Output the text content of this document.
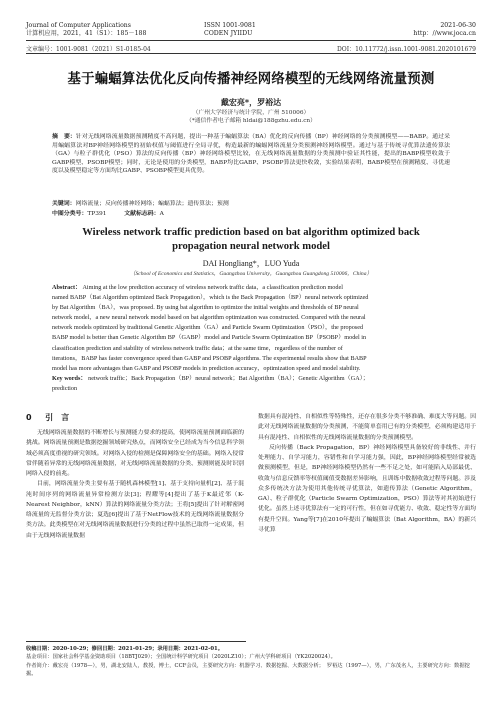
Journal of Computer Applications
计算机应用，2021，41（S1）：185－188
ISSN 1001-9081
CODEN JYIIDU
2021-06-30
http：//www.joca.cn
文章编号：1001-9081（2021）S1-0185-04	DOI：10.11772/j.issn.1001-9081.2020101679
基于蝙蝠算法优化反向传播神经网络模型的无线网络流量预测
戴宏亮*，罗裕达
（广州大学经济与统计学院，广州 510006）
（*通信作者电子邮箱 hldai@188gzhu.edu.cn）
摘　要：针对无线网络流量数据预测精度不高问题，提出一种基于蝙蝠算法（BA）优化的反向传播（BP）神经网络的分类预测模型——BABP。通过采用蝙蝠算法对BP神经网络模型的初始权值与阈值进行全局寻优，构造最新的蝙蝠网络流量分类预测神经网络模型。通过与基于传统寻优算法遗传算法（GA）与粒子群优化（PSO）算法的反向传播（BP）神经网络模型比较，在无线网络流量数据的分类预测中验证其性能，提出的BABP模型收敛于GABP模型、PSOBP模型；同时，无论是使用的分类模型，BABP均比GABP、PSOBP算法更快收敛，实验结果表明，BABP模型在预测精度、寻优速度以及模型稳定等方面均比GABP、PSOBP模型更具优势。
关键词：网络流量；反向传播神经网络；蝙蝠算法；遗传算法；预测
中图分类号：TP391	文献标志码：A
Wireless network traffic prediction based on bat algorithm optimized back
propagation neural network model
DAI Hongliang*，LUO Yuda
（School of Economics and Statistics，Guangzhou University，Guangzhou Guangdong 510006，China）
Abstract： Aiming at the low prediction accuracy of wireless network traffic data，a classification prediction model
named BABP（Bat Algorithm optimized Back Propagation），which is the Back Propagation（BP）neural network optimized
by Bat Algorithm（BA），was proposed. By using bat algorithm to optimize the initial weights and thresholds of BP neural
network model，a new neural network model based on bat algorithm optimization was constructed. Compared with the neural
network models optimized by traditional Genetic Algorithm（GA）and Particle Swarm Optimization（PSO），the proposed
BABP model is better than Genetic Algorithm BP（GABP）model and Particle Swarm Optimization BP（PSOBP）model in
classification prediction and stability of wireless network traffic data；at the same time，regardless of the number of
iterations，BABP has faster convergence speed than GABP and PSOBP algorithms. The experimental results show that BABP
model has more advantages than GABP and PSOBP models in prediction accuracy，optimization speed and model stability.
Key words： network traffic；Back Propagation（BP）neural network；Bat Algorithm（BA）；Genetic Algorithm（GA）；
prediction
0 引　言
无线网络流量数据的不断增长与预测能力要求的提高，使网络流量预测面临新的挑战。网络流量预测是数据挖掘领域研究热点，而网络安全已经成为当今信息科学领域必须高度重视的研究领域。对网络入侵的检测是保障网络安全的基础。网络入侵常常伴随着异常的无线网络流量数据，对无线网络流量数据的分类、预测则能及时识别网络入侵的前兆。
目前，网络流量分类主要有基于随机森林模型[1]、基于支持向量机[2]、基于混沌时间序列的网络流量异常检测方法[3]；程耀等[4]提出了基于K最近邻（K-Nearest Neighbor，kNN）算法的网络流量分类方法；王将[5]提出了针对解密网络流量的无监督分类方法；夏选[6]提出了基于NetFlow技术的无线网络流量数据分类方法。此类模型在对无线网络流量数据进行分类的过程中虽然已取得一定成果，但由于无线网络流量数据
数据具有混沌性、自相似性等特殊性，还存在很多分类不够准确、难度大等问题。因此对无线网络流量数据的分类预测，不能简单套用已有的分类模型，必须构建适用于具有混沌性、自相似性的无线网络流量数据的分类预测模型。
反向传播（Back Propagation，BP）神经网络模型具备较好的非线性、并行处理能力、自学习能力，容错性和自学习能力强，因此，BP神经网络模型经常被选做预测模型，但是，BP神经网络模型仍然有一些不足之处，如可能陷入局部最优、收敛与信息反馈率等权值阈值受数据差异影响，且训练中数据收敛过程等问题。涉及众多传统决方法为使用其他传统寻优算法，如遗传算法（Genetic Algorithm，GA）、粒子群优化（Particle Swarm Optimization，PSO）算法等对其初始进行优化。虽然上述寻优算法有一定的可行性，但在如寻优能力、收敛、稳定性等方面均有提升空间。Yang等[7]在2010年提出了蝙蝠算法（Bat Algorithm，BA）的新兴寻优算
收稿日期：2020-10-29；修回日期：2021-01-29；录用日期：2021-02-01。
基金项目：国家社会科学基金资助项目（18BTJ029）；全国统计科学研究项目（2020LZ10）；广州大学科研项目（YK2020024）。
作者简介：戴宏亮（1978—），男，湖北安陆人，教授，博士，CCF会员，主要研究方向：机器学习、数据挖掘、大数据分析；　罗裕达（1997—），男，广东茂名人，主要研究方向：数据挖掘。
